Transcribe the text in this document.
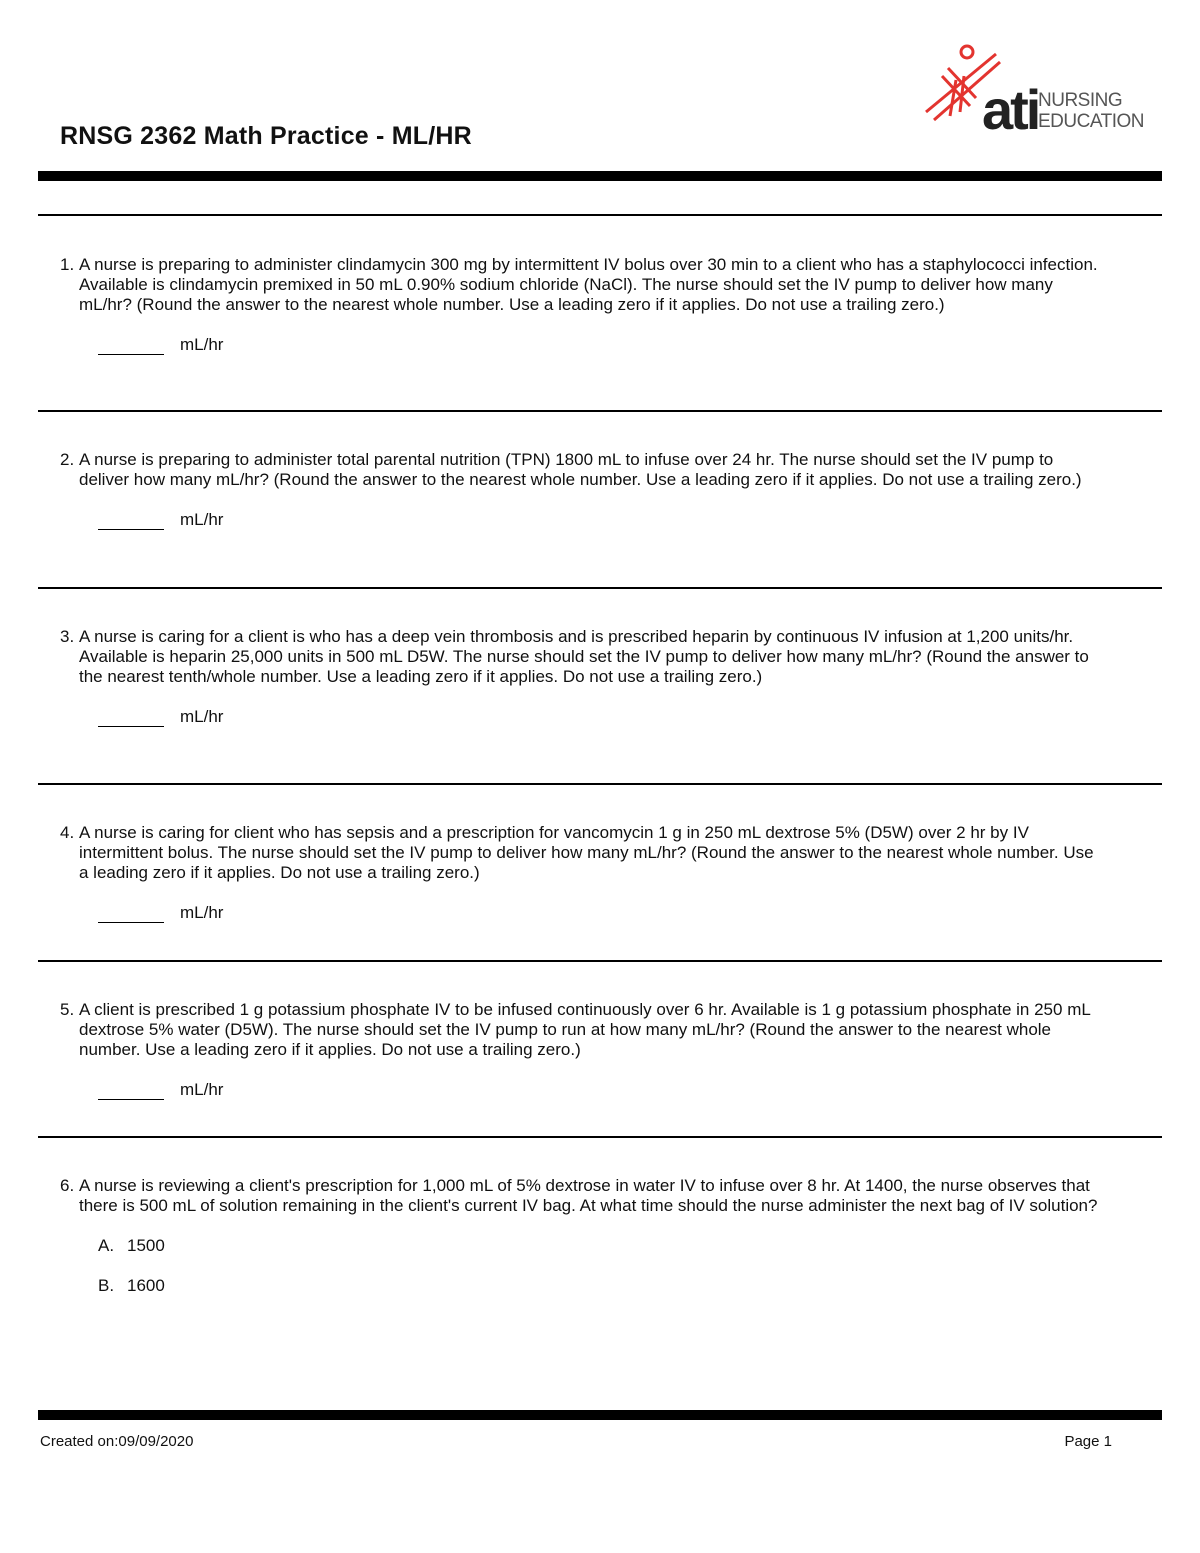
RNSG 2362 Math Practice - ML/HR	ati NURSING
EDUCATION
1. A nurse is preparing to administer clindamycin 300 mg by intermittent IV bolus over 30 min to a client who has a staphylococci infection. Available is clindamycin premixed in 50 mL 0.90% sodium chloride (NaCl). The nurse should set the IV pump to deliver how many mL/hr? (Round the answer to the nearest whole number. Use a leading zero if it applies. Do not use a trailing zero.)
mL/hr
2. A nurse is preparing to administer total parental nutrition (TPN) 1800 mL to infuse over 24 hr. The nurse should set the IV pump to deliver how many mL/hr? (Round the answer to the nearest whole number. Use a leading zero if it applies. Do not use a trailing zero.)
mL/hr
3. A nurse is caring for a client is who has a deep vein thrombosis and is prescribed heparin by continuous IV infusion at 1,200 units/hr. Available is heparin 25,000 units in 500 mL D5W. The nurse should set the IV pump to deliver how many mL/hr? (Round the answer to the nearest tenth/whole number. Use a leading zero if it applies. Do not use a trailing zero.)
mL/hr
4. A nurse is caring for client who has sepsis and a prescription for vancomycin 1 g in 250 mL dextrose 5% (D5W) over 2 hr by IV intermittent bolus. The nurse should set the IV pump to deliver how many mL/hr? (Round the answer to the nearest whole number. Use a leading zero if it applies. Do not use a trailing zero.)
mL/hr
5. A client is prescribed 1 g potassium phosphate IV to be infused continuously over 6 hr. Available is 1 g potassium phosphate in 250 mL dextrose 5% water (D5W). The nurse should set the IV pump to run at how many mL/hr? (Round the answer to the nearest whole number. Use a leading zero if it applies. Do not use a trailing zero.)
mL/hr
6. A nurse is reviewing a client's prescription for 1,000 mL of 5% dextrose in water IV to infuse over 8 hr. At 1400, the nurse observes that there is 500 mL of solution remaining in the client's current IV bag. At what time should the nurse administer the next bag of IV solution?
A. 1500
B. 1600
Created on:09/09/2020	Page 1
